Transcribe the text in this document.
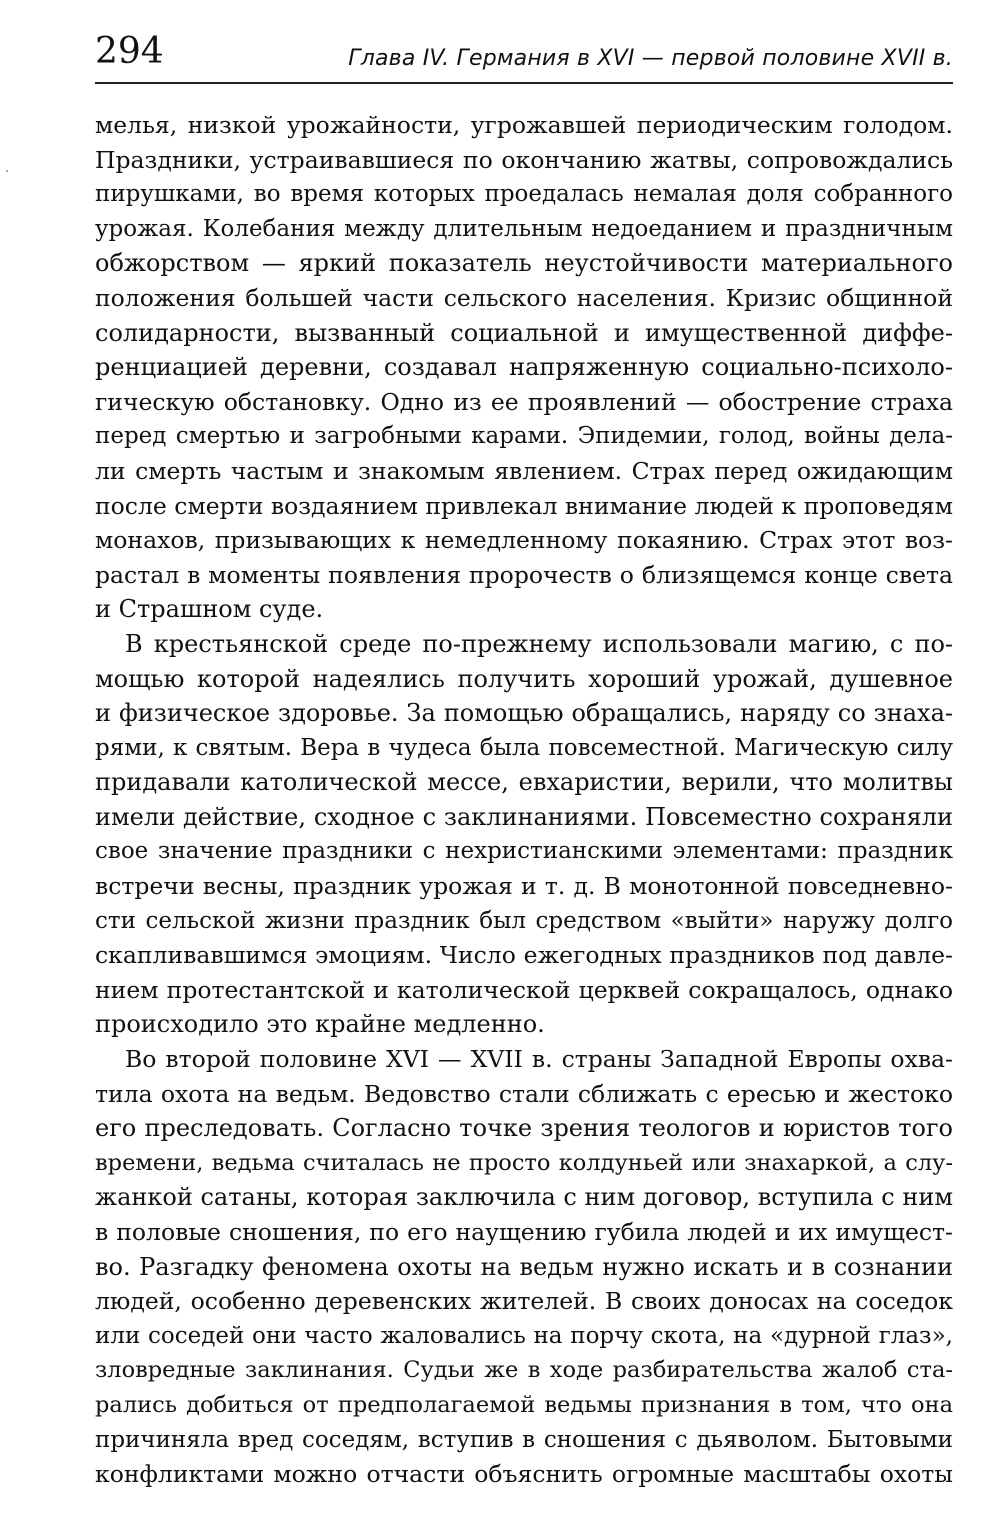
294	Глава IV. Германия в XVI — первой половине XVII в.
мелья, низкой урожайности, угрожавшей периодическим голодом.
Праздники, устраивавшиеся по окончанию жатвы, сопровождались
пирушками, во время которых проедалась немалая доля собранного
урожая. Колебания между длительным недоеданием и праздничным
обжорством — яркий показатель неустойчивости материального
положения большей части сельского населения. Кризис общинной
солидарности, вызванный социальной и имущественной диффе-
ренциацией деревни, создавал напряженную социально-психоло-
гическую обстановку. Одно из ее проявлений — обострение страха
перед смертью и загробными карами. Эпидемии, голод, войны дела-
ли смерть частым и знакомым явлением. Страх перед ожидающим
после смерти воздаянием привлекал внимание людей к проповедям
монахов, призывающих к немедленному покаянию. Страх этот воз-
растал в моменты появления пророчеств о близящемся конце света
и Страшном суде.
В крестьянской среде по-прежнему использовали магию, с по-
мощью которой надеялись получить хороший урожай, душевное
и физическое здоровье. За помощью обращались, наряду со знаха-
рями, к святым. Вера в чудеса была повсеместной. Магическую силу
придавали католической мессе, евхаристии, верили, что молитвы
имели действие, сходное с заклинаниями. Повсеместно сохраняли
свое значение праздники с нехристианскими элементами: праздник
встречи весны, праздник урожая и т. д. В монотонной повседневно-
сти сельской жизни праздник был средством «выйти» наружу долго
скапливавшимся эмоциям. Число ежегодных праздников под давле-
нием протестантской и католической церквей сокращалось, однако
происходило это крайне медленно.
Во второй половине XVI — XVII в. страны Западной Европы охва-
тила охота на ведьм. Ведовство стали сближать с ересью и жестоко
его преследовать. Согласно точке зрения теологов и юристов того
времени, ведьма считалась не просто колдуньей или знахаркой, а слу-
жанкой сатаны, которая заключила с ним договор, вступила с ним
в половые сношения, по его наущению губила людей и их имущест-
во. Разгадку феномена охоты на ведьм нужно искать и в сознании
людей, особенно деревенских жителей. В своих доносах на соседок
или соседей они часто жаловались на порчу скота, на «дурной глаз»,
зловредные заклинания. Судьи же в ходе разбирательства жалоб ста-
рались добиться от предполагаемой ведьмы признания в том, что она
причиняла вред соседям, вступив в сношения с дьяволом. Бытовыми
конфликтами можно отчасти объяснить огромные масштабы охоты
